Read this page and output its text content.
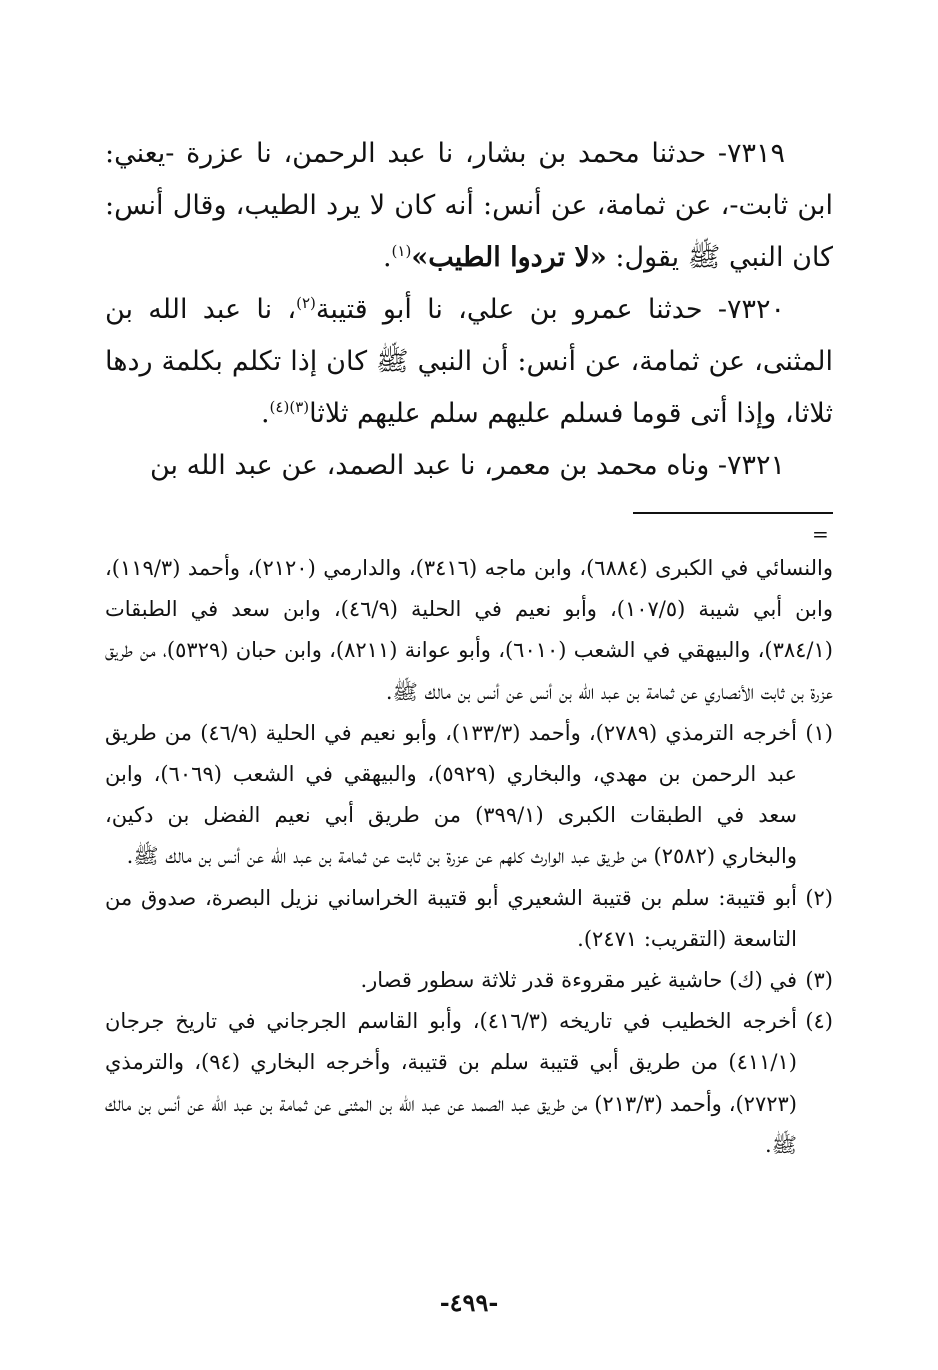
٧٣١٩- حدثنا محمد بن بشار، نا عبد الرحمن، نا عزرة -يعني: ابن ثابت-، عن ثمامة، عن أنس: أنه كان لا يرد الطيب، وقال أنس: كان النبي ﷺ يقول: «لا تردوا الطيب»$^{(١)}$.

٧٣٢٠- حدثنا عمرو بن علي، نا أبو قتيبة$^{(٢)}$، نا عبد الله بن المثنى، عن ثمامة، عن أنس: أن النبي ﷺ كان إذا تكلم بكلمة ردها ثلاثا، وإذا أتى قوما فسلم عليهم سلم عليهم ثلاثا$^{(٣)(٤)}$.

٧٣٢١- وناه محمد بن معمر، نا عبد الصمد، عن عبد الله بن

=

والنسائي في الكبرى (٦٨٨٤)، وابن ماجه (٣٤١٦)، والدارمي (٢١٢٠)، وأحمد (١١٩/٣)، وابن أبي شيبة (١٠٧/٥)، وأبو نعيم في الحلية (٤٦/٩)، وابن سعد في الطبقات (٣٨٤/١)، والبيهقي في الشعب (٦٠١٠)، وأبو عوانة (٨٢١١)، وابن حبان (٥٣٢٩)، من طريق عزرة بن ثابت الأنصاري عن ثمامة بن عبد الله بن أنس عن أنس بن مالك ﷺ.

(١)
أخرجه الترمذي (٢٧٨٩)، وأحمد (١٣٣/٣)، وأبو نعيم في الحلية (٤٦/٩) من طريق عبد الرحمن بن مهدي، والبخاري (٥٩٢٩)، والبيهقي في الشعب (٦٠٦٩)، وابن سعد في الطبقات الكبرى (٣٩٩/١) من طريق أبي نعيم الفضل بن دكين، والبخاري (٢٥٨٢) من طريق عبد الوارث كلهم عن عزرة بن ثابت عن ثمامة بن عبد الله عن أنس بن مالك ﷺ.
(٢)
أبو قتيبة: سلم بن قتيبة الشعيري أبو قتيبة الخراساني نزيل البصرة، صدوق من التاسعة (التقريب: ٢٤٧١).
(٣)
في (ك) حاشية غير مقروءة قدر ثلاثة سطور قصار.
(٤)
أخرجه الخطيب في تاريخه (٤١٦/٣)، وأبو القاسم الجرجاني في تاريخ جرجان (٤١١/١) من طريق أبي قتيبة سلم بن قتيبة، وأخرجه البخاري (٩٤)، والترمذي (٢٧٢٣)، وأحمد (٢١٣/٣) من طريق عبد الصمد عن عبد الله بن المثنى عن ثمامة بن عبد الله عن أنس بن مالك ﷺ.
-٤٩٩-
